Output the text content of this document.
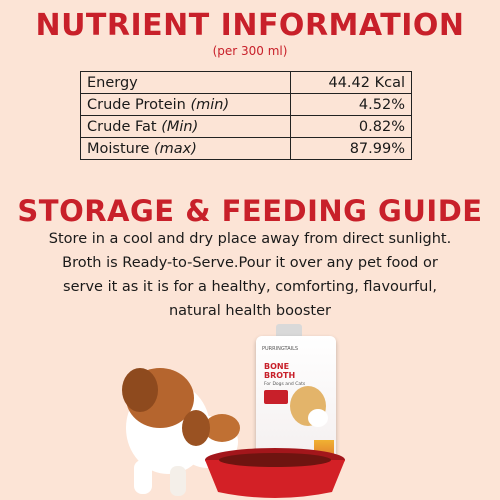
NUTRIENT INFORMATION
(per 300 ml)
Energy	44.42 Kcal
Crude Protein (min)	4.52%
Crude Fat (Min)	0.82%
Moisture (max)	87.99%
STORAGE & FEEDING GUIDE
Store in a cool and dry place away from direct sunlight.
Broth is Ready-to-Serve.Pour it over any pet food or
serve it as it is for a healthy, comforting, flavourful,
natural health booster
PURRINGTAILS
BONE
BROTH
For Dogs and Cats
